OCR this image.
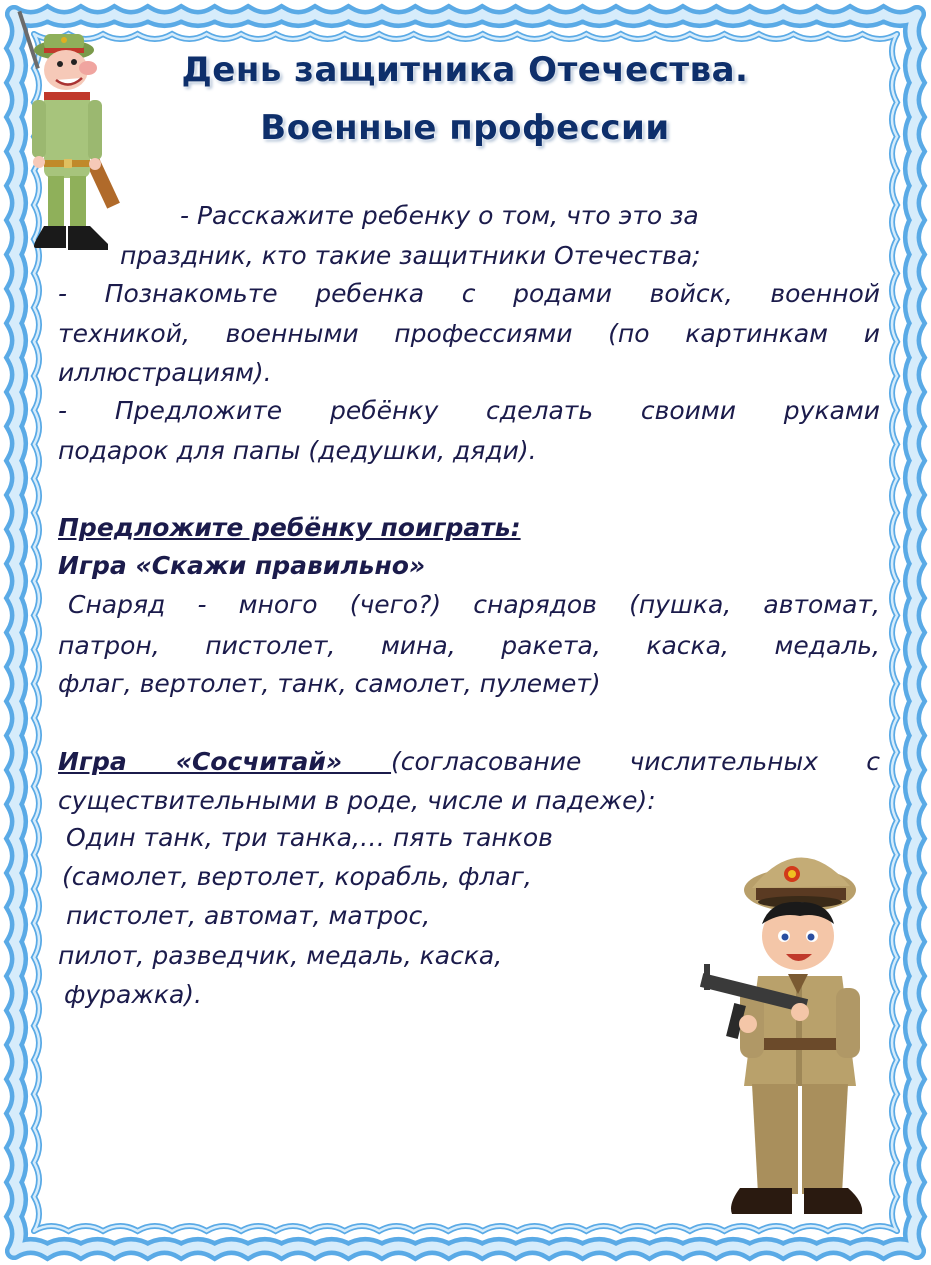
День защитника Отечества.
Военные профессии
- Расскажите ребенку о том, что это за
праздник, кто такие защитники Отечества;
- Познакомьте ребенка с родами войск, военной
техникой, военными профессиями (по картинкам и
иллюстрациям).
- Предложите ребёнку сделать своими руками
подарок для папы (дедушки, дяди).
Предложите ребёнку поиграть:
Игра «Скажи правильно»
Снаряд - много (чего?) снарядов (пушка, автомат,
патрон, пистолет, мина, ракета, каска, медаль,
флаг, вертолет, танк, самолет, пулемет)
Игра «Сосчитай» (согласование числительных с
существительными в роде, числе и падеже):
Один танк, три танка,… пять танков
(самолет, вертолет, корабль, флаг,
пистолет, автомат, матрос,
пилот, разведчик, медаль, каска,
фуражка).
